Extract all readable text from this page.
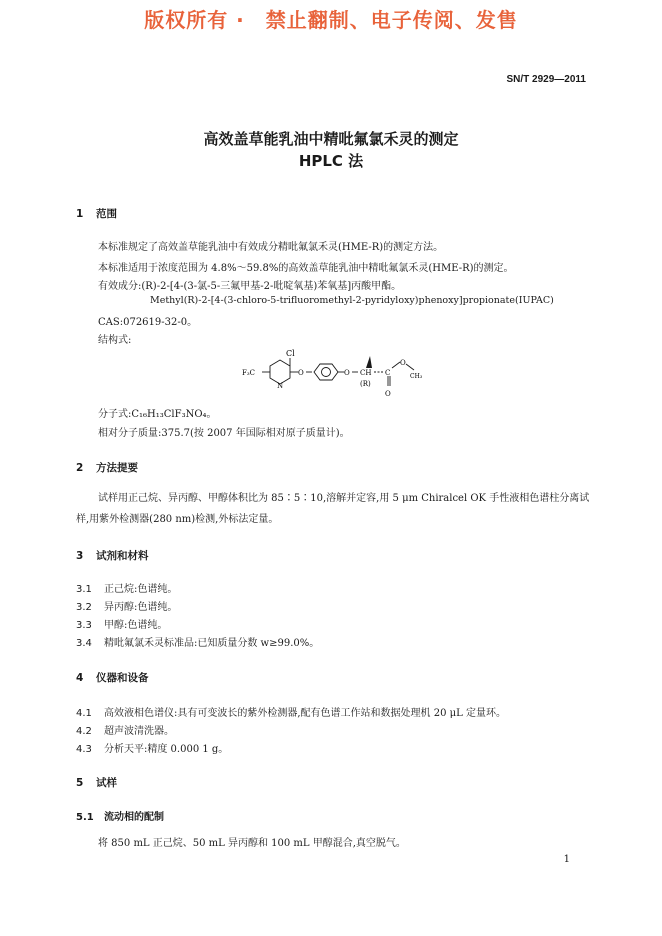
版权所有 ·　禁止翻制、电子传阅、发售
SN/T 2929—2011
高效盖草能乳油中精吡氟氯禾灵的测定
HPLC 法
1 范围
本标准规定了高效盖草能乳油中有效成分精吡氟氯禾灵(HME-R)的测定方法。
本标准适用于浓度范围为 4.8%～59.8%的高效盖草能乳油中精吡氟氯禾灵(HME-R)的测定。
有效成分:(R)-2-[4-(3-氯-5-三氟甲基-2-吡啶氧基)苯氧基]丙酸甲酯。
Methyl(R)-2-[4-(3-chloro-5-trifluoromethyl-2-pyridyloxy)phenoxy]propionate(IUPAC)
CAS:072619-32-0。
结构式:
Cl
F₃C
N
O	O CH
(R)
C
O
O
CH₃
分子式:C₁₆H₁₃ClF₃NO₄。
相对分子质量:375.7(按 2007 年国际相对原子质量计)。
2 方法提要
试样用正己烷、异丙醇、甲醇体积比为 85∶5∶10,溶解并定容,用 5 μm Chiralcel OK 手性液相色谱柱分离试样,用紫外检测器(280 nm)检测,外标法定量。
3 试剂和材料
3.1 正己烷:色谱纯。
3.2 异丙醇:色谱纯。
3.3 甲醇:色谱纯。
3.4 精吡氟氯禾灵标准品:已知质量分数 w≥99.0%。
4 仪器和设备
4.1 高效液相色谱仪:具有可变波长的紫外检测器,配有色谱工作站和数据处理机 20 μL 定量环。
4.2 超声波清洗器。
4.3 分析天平:精度 0.000 1 g。
5 试样
5.1 流动相的配制
将 850 mL 正己烷、50 mL 异丙醇和 100 mL 甲醇混合,真空脱气。
1
